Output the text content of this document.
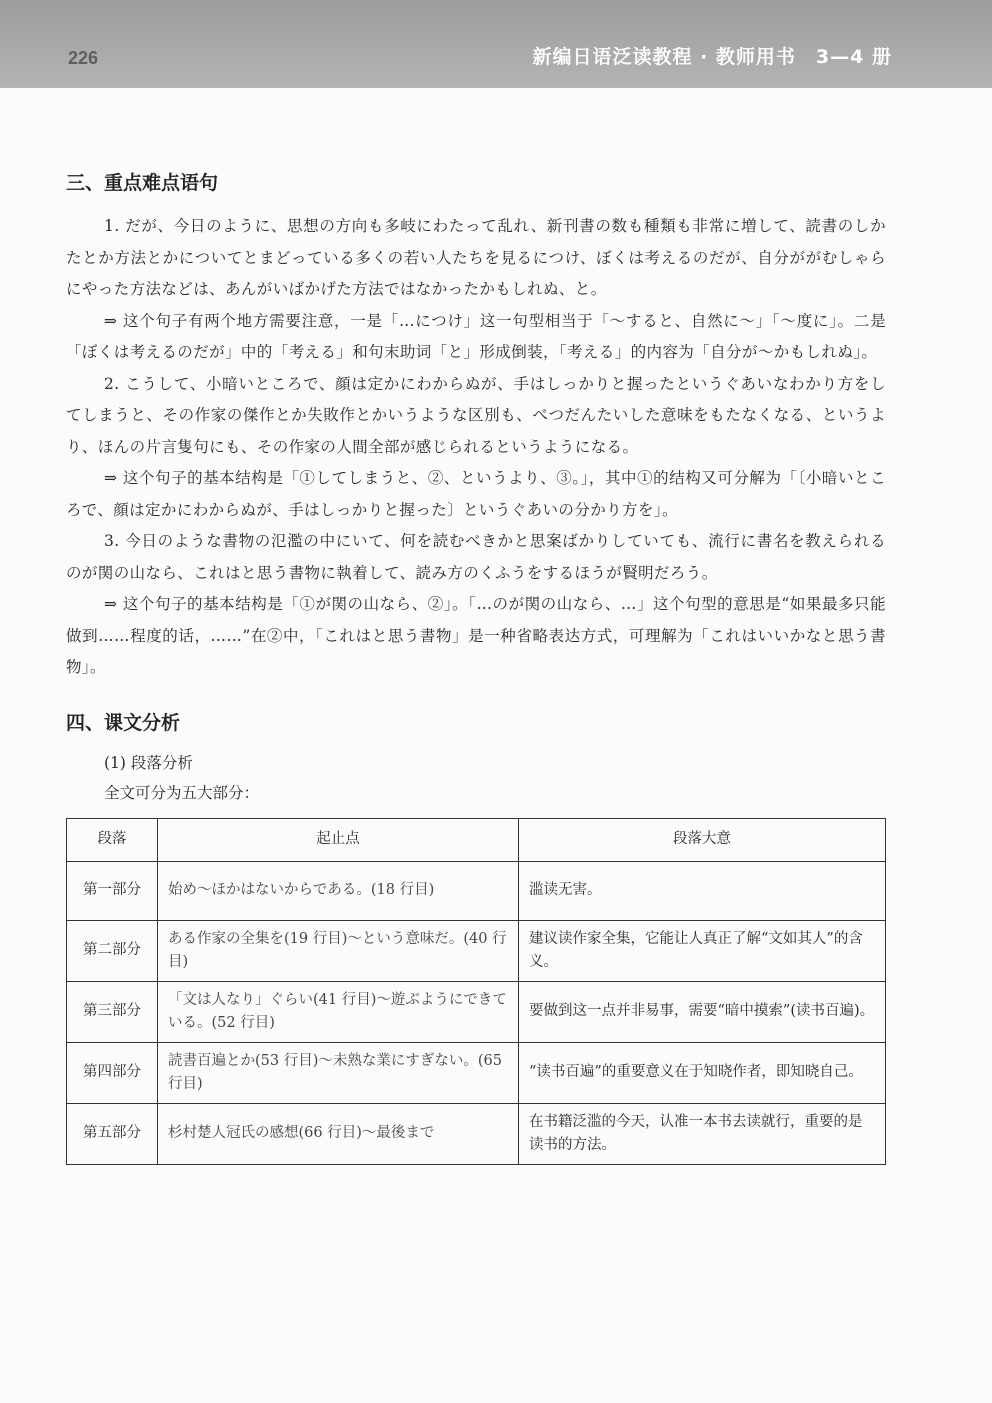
226	新编日语泛读教程 · 教师用书　3—4 册

三、重点难点语句

1. だが、今日のように、思想の方向も多岐にわたって乱れ、新刊書の数も種類も非常に増して、読書のしかたとか方法とかについてとまどっている多くの若い人たちを見るにつけ、ぼくは考えるのだが、自分ががむしゃらにやった方法などは、あんがいばかげた方法ではなかったかもしれぬ、と。

⇒ 这个句子有两个地方需要注意，一是「…につけ」这一句型相当于「～すると、自然に～」「～度に」。二是「ぼくは考えるのだが」中的「考える」和句末助词「と」形成倒装，「考える」的内容为「自分が～かもしれぬ」。

2. こうして、小暗いところで、顔は定かにわからぬが、手はしっかりと握ったというぐあいなわかり方をしてしまうと、その作家の傑作とか失敗作とかいうような区別も、べつだんたいした意味をもたなくなる、というより、ほんの片言隻句にも、その作家の人間全部が感じられるというようになる。

⇒ 这个句子的基本结构是「①してしまうと、②、というより、③。」，其中①的结构又可分解为「〔小暗いところで、顔は定かにわからぬが、手はしっかりと握った〕というぐあいの分かり方を」。

3. 今日のような書物の氾濫の中にいて、何を読むべきかと思案ばかりしていても、流行に書名を教えられるのが関の山なら、これはと思う書物に執着して、読み方のくふうをするほうが賢明だろう。

⇒ 这个句子的基本结构是「①が関の山なら、②」。「…のが関の山なら、…」这个句型的意思是“如果最多只能做到……程度的话，……”在②中，「これはと思う書物」是一种省略表达方式，可理解为「これはいいかなと思う書物」。

四、课文分析

(1) 段落分析

全文可分为五大部分：

段落	起止点	段落大意
第一部分	始め～ほかはないからである。(18 行目)	滥读无害。
第二部分	ある作家の全集を(19 行目)～という意味だ。(40 行目)	建议读作家全集，它能让人真正了解“文如其人”的含义。
第三部分	「文は人なり」ぐらい(41 行目)～遊ぶようにできている。(52 行目)	要做到这一点并非易事，需要“暗中摸索”(读书百遍)。
第四部分	読書百遍とか(53 行目)～未熟な業にすぎない。(65 行目)	“读书百遍”的重要意义在于知晓作者，即知晓自己。
第五部分	杉村楚人冠氏の感想(66 行目)～最後まで	在书籍泛滥的今天，认准一本书去读就行，重要的是读书的方法。
